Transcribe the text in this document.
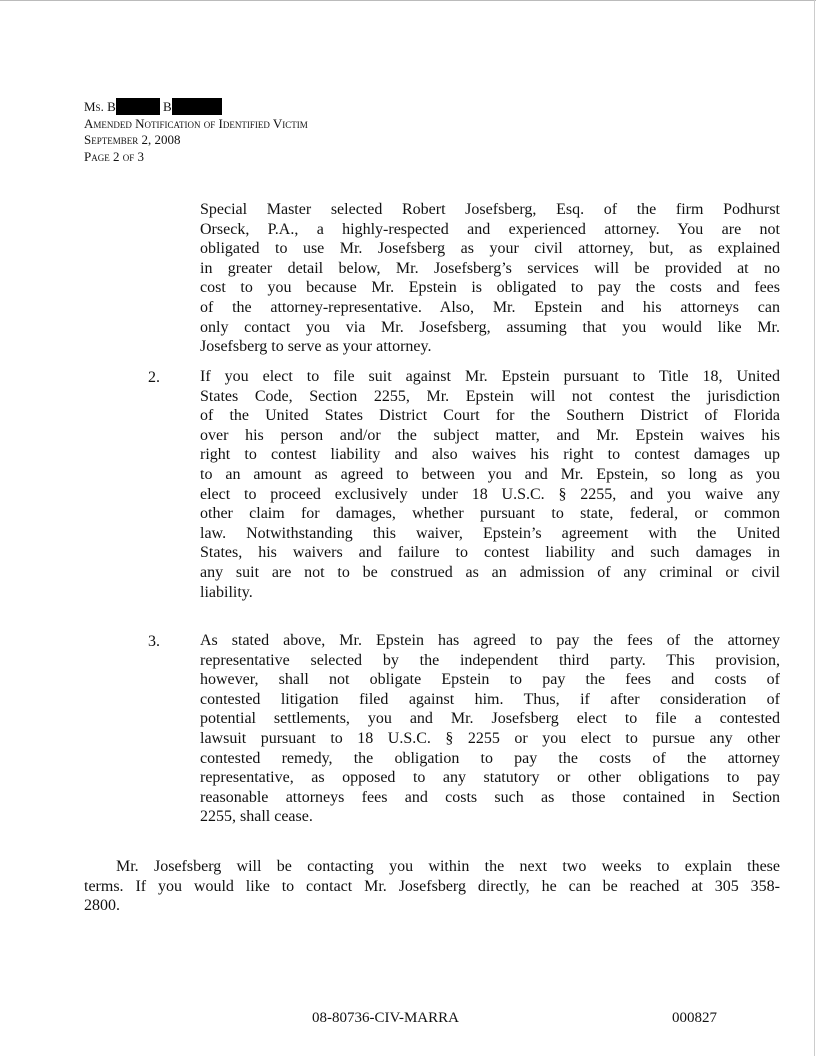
Ms. B	B
Amended Notification of Identified Victim
September 2, 2008
Page 2 of 3
Special Master selected Robert Josefsberg, Esq. of the firm Podhurst
Orseck, P.A., a highly-respected and experienced attorney. You are not
obligated to use Mr. Josefsberg as your civil attorney, but, as explained
in greater detail below, Mr. Josefsberg’s services will be provided at no
cost to you because Mr. Epstein is obligated to pay the costs and fees
of the attorney-representative. Also, Mr. Epstein and his attorneys can
only contact you via Mr. Josefsberg, assuming that you would like Mr.
Josefsberg to serve as your attorney.
2.	If you elect to file suit against Mr. Epstein pursuant to Title 18, United
States Code, Section 2255, Mr. Epstein will not contest the jurisdiction
of the United States District Court for the Southern District of Florida
over his person and/or the subject matter, and Mr. Epstein waives his
right to contest liability and also waives his right to contest damages up
to an amount as agreed to between you and Mr. Epstein, so long as you
elect to proceed exclusively under 18 U.S.C. § 2255, and you waive any
other claim for damages, whether pursuant to state, federal, or common
law. Notwithstanding this waiver, Epstein’s agreement with the United
States, his waivers and failure to contest liability and such damages in
any suit are not to be construed as an admission of any criminal or civil
liability.
3.	As stated above, Mr. Epstein has agreed to pay the fees of the attorney
representative selected by the independent third party. This provision,
however, shall not obligate Epstein to pay the fees and costs of
contested litigation filed against him. Thus, if after consideration of
potential settlements, you and Mr. Josefsberg elect to file a contested
lawsuit pursuant to 18 U.S.C. § 2255 or you elect to pursue any other
contested remedy, the obligation to pay the costs of the attorney
representative, as opposed to any statutory or other obligations to pay
reasonable attorneys fees and costs such as those contained in Section
2255, shall cease.
Mr. Josefsberg will be contacting you within the next two weeks to explain these
terms. If you would like to contact Mr. Josefsberg directly, he can be reached at 305 358-
2800.
08-80736-CIV-MARRA	000827
